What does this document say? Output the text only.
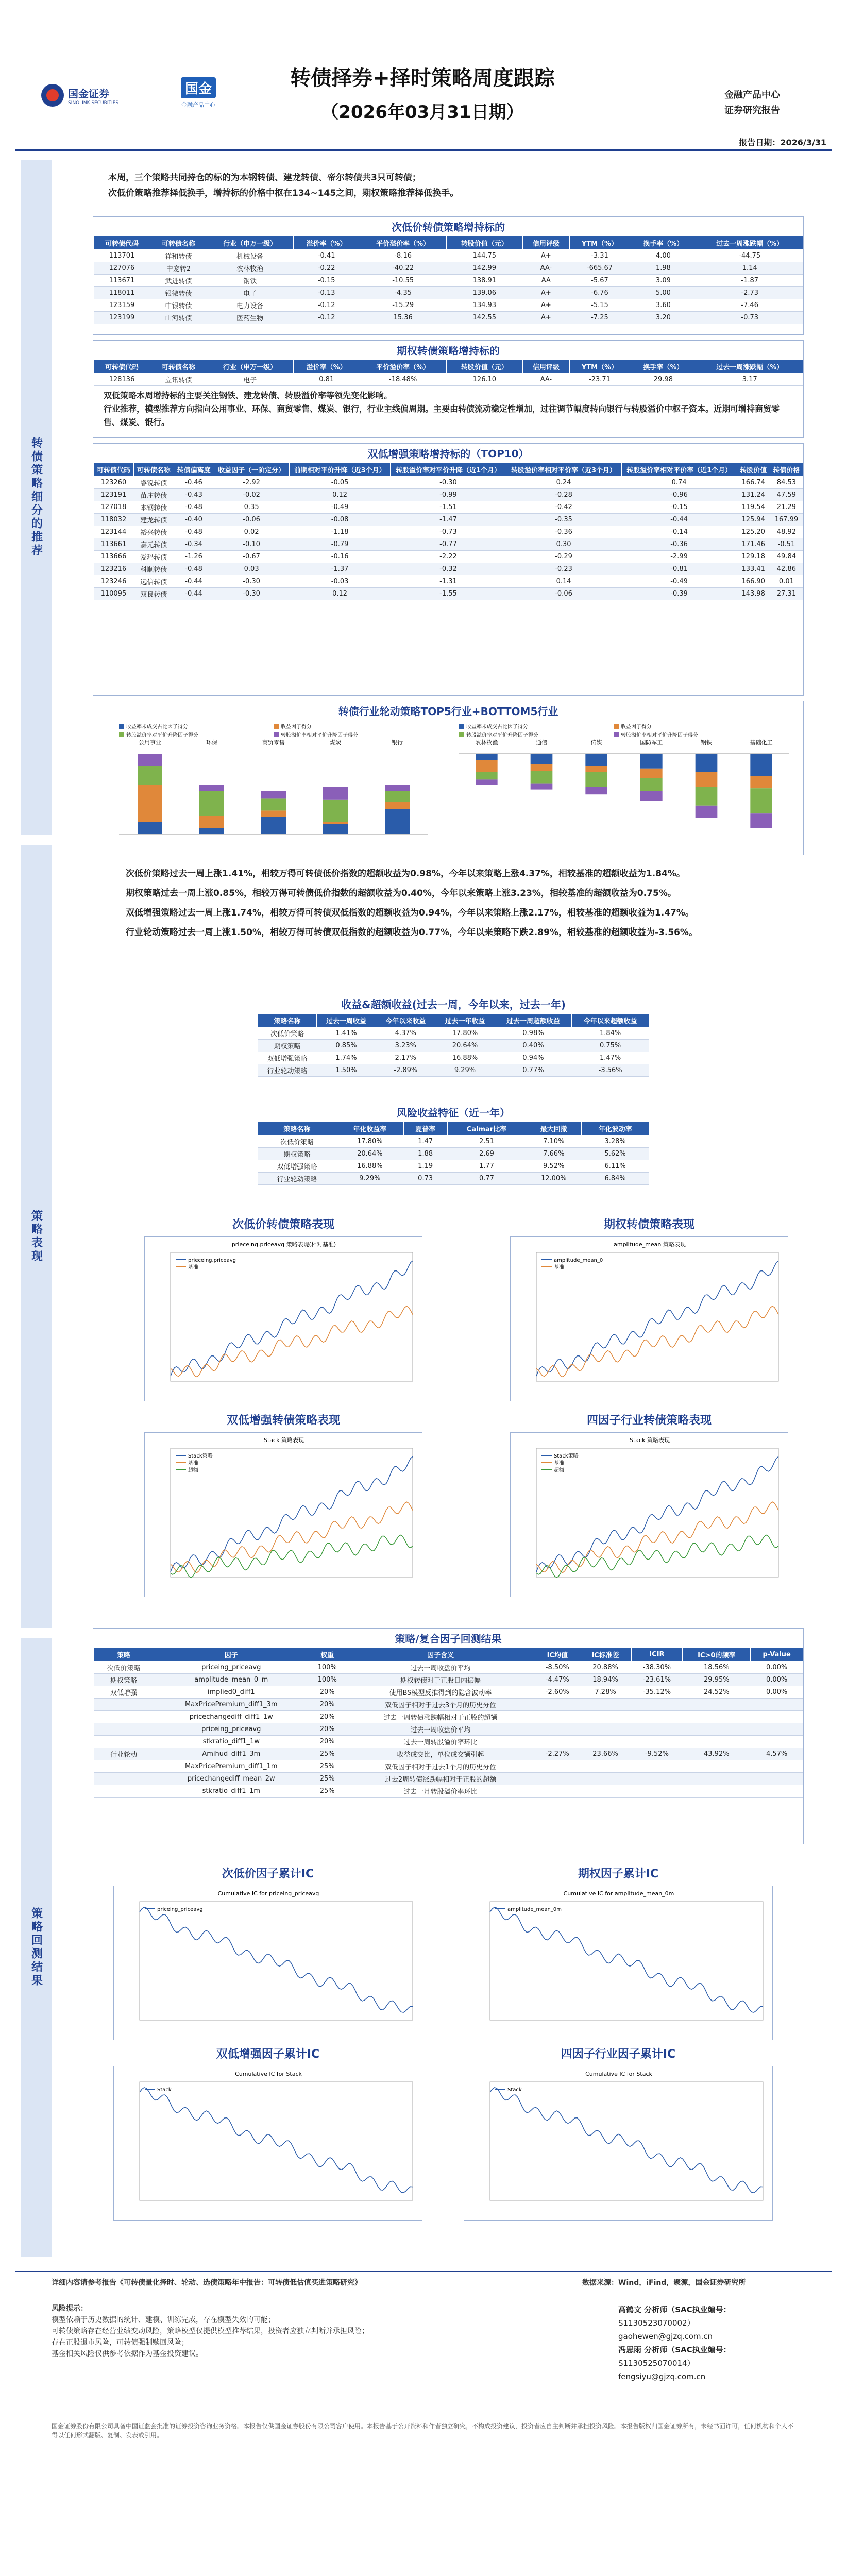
国金证券
SINOLINK SECURITIES
国金
金融产品中心
转债择券+择时策略周度跟踪
（2026年03月31日期）
金融产品中心
证券研究报告
报告日期：2026/3/31
转债策略细分的推荐
策略表现
策略回测结果
本周，三个策略共同持仓的标的为本钢转债、建龙转债、帝尔转债共3只可转债；
次低价策略推荐择低换手，增持标的价格中枢在134~145之间，期权策略推荐择低换手。
次低价转债策略增持标的
可转债代码	可转债名称	行业（申万一级）	溢价率（%）	平价溢价率（%）	转股价值（元）	信用评级	YTM（%）	换手率（%）	过去一周涨跌幅（%）
113701	祥和转债	机械设备	-0.41	-8.16	144.75	A+	-3.31	4.00	-44.75
127076	中宠转2	农林牧渔	-0.22	-40.22	142.99	AA-	-665.67	1.98	1.14
113671	武进转债	钢铁	-0.15	-10.55	138.91	AA	-5.67	3.09	-1.87
118011	银微转债	电子	-0.13	-4.35	139.06	A+	-6.76	5.00	-2.73
123159	中银转债	电力设备	-0.12	-15.29	134.93	A+	-5.15	3.60	-7.46
123199	山河转债	医药生物	-0.12	15.36	142.55	A+	-7.25	3.20	-0.73
期权转债策略增持标的
可转债代码	可转债名称	行业（申万一级）	溢价率（%）	平价溢价率（%）	转股价值（元）	信用评级	YTM（%）	换手率（%）	过去一周涨跌幅（%）
128136	立讯转债	电子	0.81	-18.48%	126.10	AA-	-23.71	29.98	3.17
双低策略本周增持标的主要关注钢铁、建龙转债、转股溢价率等领先变化影响。
行业推荐，模型推荐方向指向公用事业、环保、商贸零售、煤炭、银行，行业主线偏周期。主要由转债流动稳定性增加，过往调节幅度转向银行与转股溢价中枢子资本。近期可增持商贸零售、煤炭、银行。
双低增强策略增持标的（TOP10）
可转债代码	可转债名称	转债偏离度	收益因子（一阶定分）	前期相对平价升降（近3个月）	转股溢价率对平价升降（近1个月）	转股溢价率相对平价率（近3个月）	转股溢价率相对平价率（近1个月）	转股价值	转债价格
123260	睿锐转债	-0.46	-2.92	-0.05	-0.30	0.24	0.74	166.74	84.53
123191	苗庄转债	-0.43	-0.02	0.12	-0.99	-0.28	-0.96	131.24	47.59
127018	本钢转债	-0.48	0.35	-0.49	-1.51	-0.42	-0.15	119.54	21.29
118032	建龙转债	-0.40	-0.06	-0.08	-1.47	-0.35	-0.44	125.94	167.99
123144	裕兴转债	-0.48	0.02	-1.18	-0.73	-0.36	-0.14	125.20	48.92
113661	嘉元转债	-0.34	-0.10	-0.79	-0.77	0.30	-0.36	171.46	-0.51
113666	爱玛转债	-1.26	-0.67	-0.16	-2.22	-0.29	-2.99	129.18	49.84
123216	科顺转债	-0.48	0.03	-1.37	-0.32	-0.23	-0.81	133.41	42.86
123246	远信转债	-0.44	-0.30	-0.03	-1.31	0.14	-0.49	166.90	0.01
110095	双良转债	-0.44	-0.30	0.12	-1.55	-0.06	-0.39	143.98	27.31
转债行业轮动策略TOP5行业+BOTTOM5行业
收益率未成交占比因子得分	收益因子得分
转股溢价率对平价升降因子得分	转股溢价率相对平价升降因子得分
公用事业	环保	商贸零售	煤炭	银行
收益率未成交占比因子得分	收益因子得分
转股溢价率对平价升降因子得分	转股溢价率相对平价升降因子得分
农林牧渔	通信	传媒	国防军工	钢铁	基础化工
次低价策略过去一周上涨1.41%，相较万得可转债低价指数的超额收益为0.98%，今年以来策略上涨4.37%，相较基准的超额收益为1.84%。
期权策略过去一周上涨0.85%，相较万得可转债低价指数的超额收益为0.40%，今年以来策略上涨3.23%，相较基准的超额收益为0.75%。
双低增强策略过去一周上涨1.74%，相较万得可转债双低指数的超额收益为0.94%，今年以来策略上涨2.17%，相较基准的超额收益为1.47%。
行业轮动策略过去一周上涨1.50%，相较万得可转债双低指数的超额收益为0.77%，今年以来策略下跌2.89%，相较基准的超额收益为-3.56%。
收益&超额收益(过去一周，今年以来，过去一年)
策略名称	过去一周收益	今年以来收益	过去一年收益	过去一周超额收益	今年以来超额收益
次低价策略	1.41%	4.37%	17.80%	0.98%	1.84%
期权策略	0.85%	3.23%	20.64%	0.40%	0.75%
双低增强策略	1.74%	2.17%	16.88%	0.94%	1.47%
行业轮动策略	1.50%	-2.89%	9.29%	0.77%	-3.56%
风险收益特征（近一年）
策略名称	年化收益率	夏普率	Calmar比率	最大回撤	年化波动率
次低价策略	17.80%	1.47	2.51	7.10%	3.28%
期权策略	20.64%	1.88	2.69	7.66%	5.62%
双低增强策略	16.88%	1.19	1.77	9.52%	6.11%
行业轮动策略	9.29%	0.73	0.77	12.00%	6.84%
次低价转债策略表现
prieceing.priceavg 策略表现(相对基准)
prieceing.priceavg
基准
期权转债策略表现
amplitude_mean 策略表现
amplitude_mean_0
基准
双低增强转债策略表现
Stack 策略表现
Stack策略
基准
超额
四因子行业转债策略表现
Stack 策略表现
Stack策略
基准
超额
策略/复合因子回测结果
策略	因子	权重	因子含义	IC均值	IC标准差	ICIR	IC>0的频率	p-Value
次低价策略	priceing_priceavg	100%	过去一周收盘价平均	-8.50%	20.88%	-38.30%	18.56%	0.00%
期权策略	amplitude_mean_0_m	100%	期权转债对于正股日内振幅	-4.47%	18.94%	-23.61%	29.95%	0.00%
双低增强	implied0_diff1	20%	使用BS模型反推得到的隐含波动率	-2.60%	7.28%	-35.12%	24.52%	0.00%
	MaxPricePremium_diff1_3m	20%	双低因子相对于过去3个月的历史分位					
	pricechangediff_diff1_1w	20%	过去一周转债涨跌幅相对于正股的超额					
	priceing_priceavg	20%	过去一周收盘价平均					
	stkratio_diff1_1w	20%	过去一周转股溢价率环比					
行业轮动	Amihud_diff1_3m	25%	收益成交比，单位成交额引起	-2.27%	23.66%	-9.52%	43.92%	4.57%
	MaxPricePremium_diff1_1m	25%	双低因子相对于过去1个月的历史分位					
	pricechangediff_mean_2w	25%	过去2周转债涨跌幅相对于正股的超额					
	stkratio_diff1_1m	25%	过去一月转股溢价率环比					
次低价因子累计IC
Cumulative IC for priceing_priceavg
priceing_priceavg
期权因子累计IC
Cumulative IC for amplitude_mean_0m
amplitude_mean_0m
双低增强因子累计IC
Cumulative IC for Stack
Stack
四因子行业因子累计IC
Cumulative IC for Stack
Stack
详细内容请参考报告《可转债量化择时、轮动、选债策略年中报告：可转债低估值买进策略研究》	数据来源：Wind，iFind，聚源，国金证券研究所
风险提示：
模型依赖于历史数据的统计、建模、训练完成，存在模型失效的可能；
可转债策略存在经营业绩变动风险，策略模型仅提供模型推荐结果，投资者应独立判断并承担风险；
存在正股退市风险，可转债强制赎回风险；
基金相关风险仅供参考依据作为基金投资建议。
高鹤文 分析师（SAC执业编号：
S1130523070002）
gaohewen@gjzq.com.cn
冯思雨 分析师（SAC执业编号：
S1130525070014）
fengsiyu@gjzq.com.cn
国金证券股份有限公司具备中国证监会批准的证券投资咨询业务资格。本报告仅供国金证券股份有限公司客户使用。本报告基于公开资料和作者独立研究，不构成投资建议，投资者应自主判断并承担投资风险。本报告版权归国金证券所有，未经书面许可，任何机构和个人不得以任何形式翻版、复制、发表或引用。
